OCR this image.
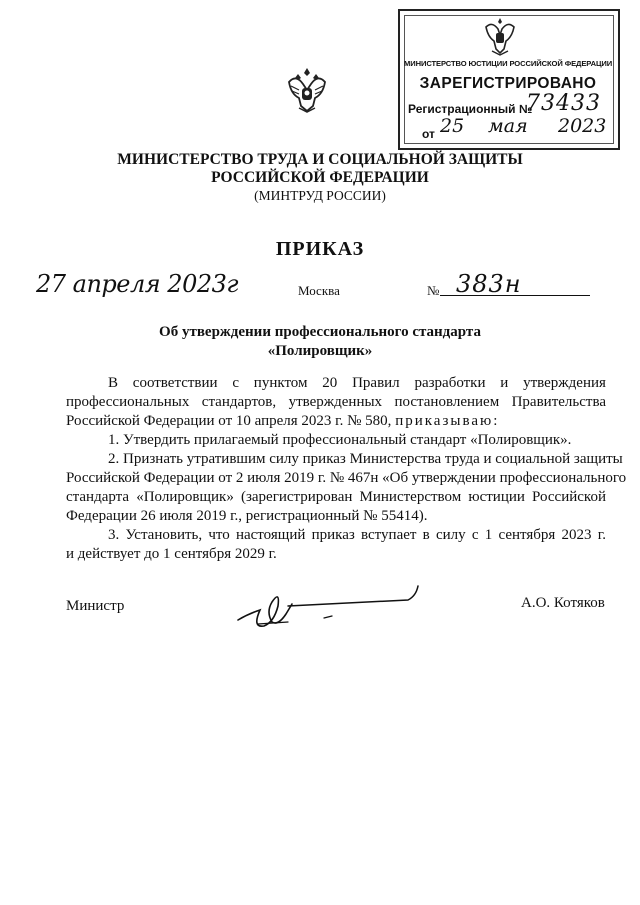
МИНИСТЕРСТВО ЮСТИЦИИ РОССИЙСКОЙ ФЕДЕРАЦИИ
ЗАРЕГИСТРИРОВАНО
Регистрационный №
73433
от 25 мая 2023
МИНИСТЕРСТВО ТРУДА И СОЦИАЛЬНОЙ ЗАЩИТЫ
РОССИЙСКОЙ ФЕДЕРАЦИИ
(МИНТРУД РОССИИ)
ПРИКАЗ
27 апреля 2023г	Москва	№ 383н
Об утверждении профессионального стандарта
«Полировщик»
В соответствии с пунктом 20 Правил разработки и утверждения
профессиональных стандартов, утвержденных постановлением Правительства
Российской Федерации от 10 апреля 2023 г. № 580, приказываю:
1. Утвердить прилагаемый профессиональный стандарт «Полировщик».
2. Признать утратившим силу приказ Министерства труда и социальной защиты
Российской Федерации от 2 июля 2019 г. № 467н «Об утверждении профессионального
стандарта «Полировщик» (зарегистрирован Министерством юстиции Российской
Федерации 26 июля 2019 г., регистрационный № 55414).
3. Установить, что настоящий приказ вступает в силу с 1 сентября 2023 г.
и действует до 1 сентября 2029 г.
Министр	А.О. Котяков
